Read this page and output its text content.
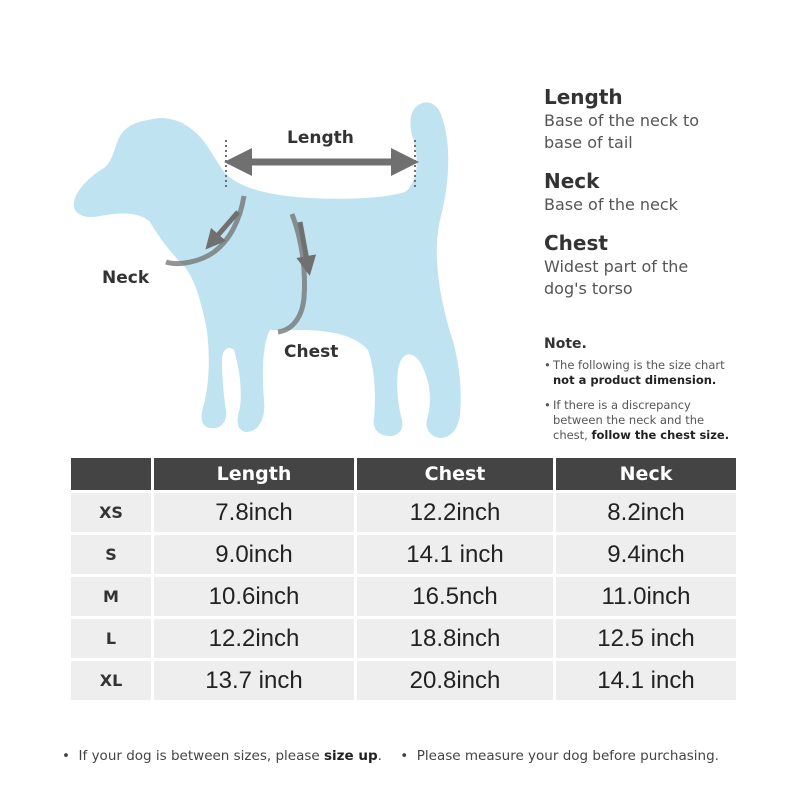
Length
Neck
Chest
Length
Base of the neck to
base of tail
Neck
Base of the neck
Chest
Widest part of the
dog's torso
Note.
• The following is the size chart
not a product dimension.
• If there is a discrepancy
between the neck and the
chest, follow the chest size.
	Length	Chest	Neck
XS	7.8inch	12.2inch	8.2inch
S	9.0inch	14.1 inch	9.4inch
M	10.6inch	16.5nch	11.0inch
L	12.2inch	18.8inch	12.5 inch
XL	13.7 inch	20.8inch	14.1 inch
•  If your dog is between sizes, please size up. •  Please measure your dog before purchasing.
